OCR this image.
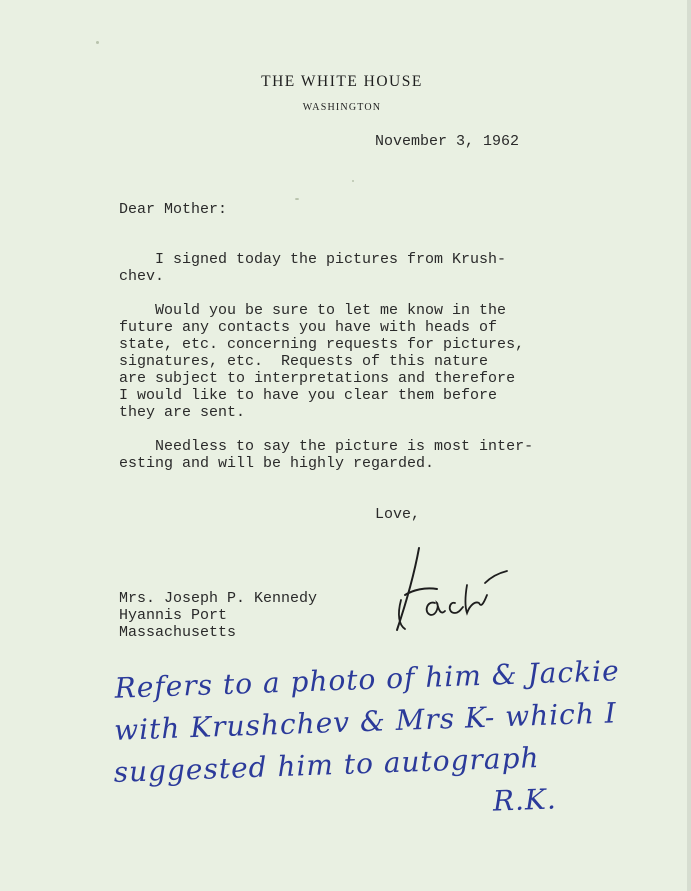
THE WHITE HOUSE
WASHINGTON
November 3, 1962
Dear Mother:
I signed today the pictures from Krush-
chev.
Would you be sure to let me know in the
future any contacts you have with heads of
state, etc. concerning requests for pictures,
signatures, etc.  Requests of this nature
are subject to interpretations and therefore
I would like to have you clear them before
they are sent.
Needless to say the picture is most inter-
esting and will be highly regarded.
Love,
Mrs. Joseph P. Kennedy
Hyannis Port
Massachusetts
Refers to a photo of him & Jackie
with Krushchev & Mrs K- which I
suggested him to autograph
R.K.
